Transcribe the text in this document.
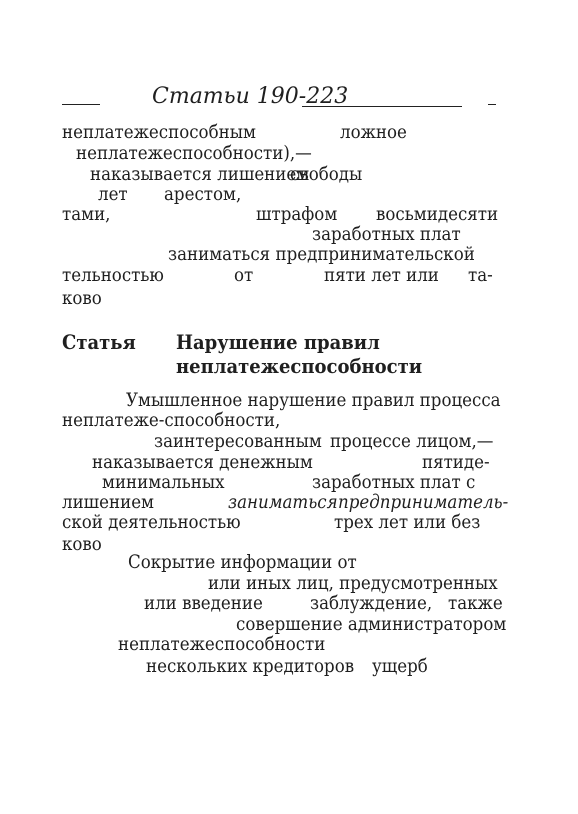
Статьи 190-223
неплатежеспособным	ложное
неплатежеспособности),—
наказывается лишением
свободы
лет арестом,
тами,	штрафом восьмидесяти
заработных плат
заниматься предпринимательской
тельностью	от	пяти лет или та-
ково
Статья Нарушение правил
неплатежеспособности
Умышленное нарушение правил процесса
неплатеже-способности,
заинтересованным процессе лицом,—
наказывается денежным	пятиде-
минимальных	заработных плат с
лишением	заниматься предприниматель-
ской деятельностью	трех лет или без
ково
Сокрытие информации от
или иных лиц, предусмотренных
или введение	заблуждение, также
совершение администратором
неплатежеспособности
нескольких кредиторов ущерб
